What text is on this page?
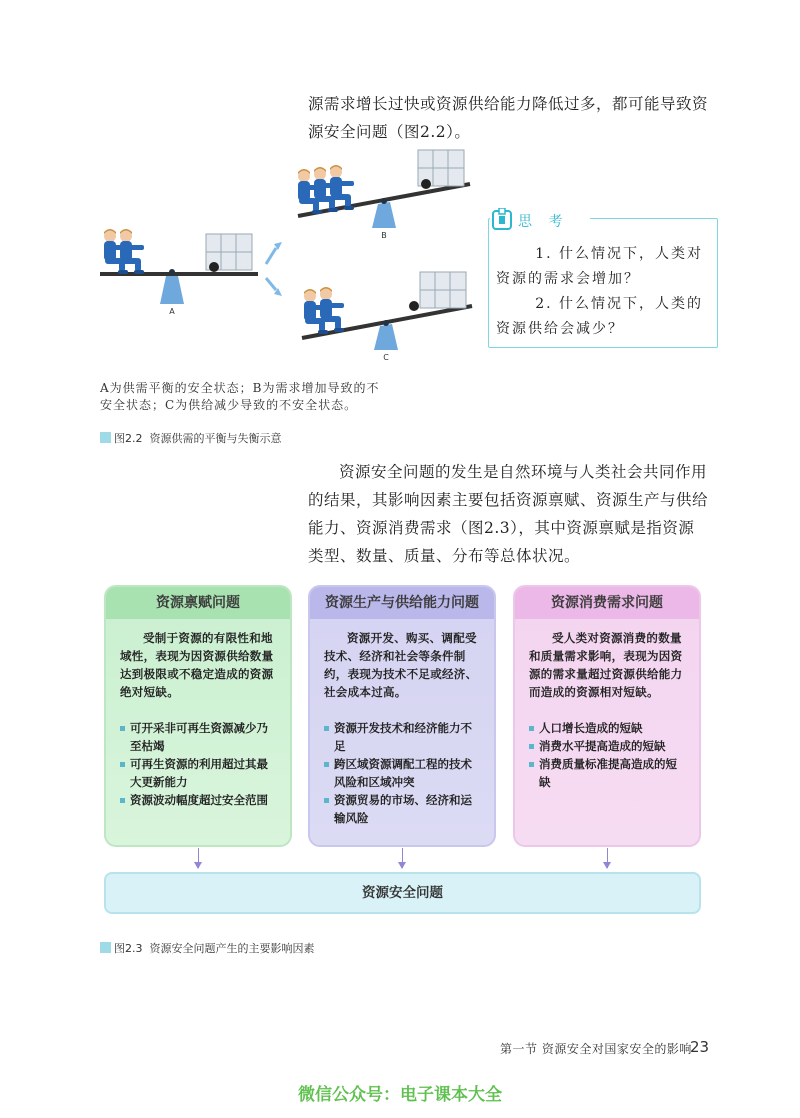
源需求增长过快或资源供给能力降低过多，都可能导致资源安全问题（图2.2）。
A
B
C
思 考
1. 什么情况下，人类对资源的需求会增加？
2. 什么情况下，人类的资源供给会减少？
A为供需平衡的安全状态；B为需求增加导致的不安全状态；C为供给减少导致的不安全状态。
图2.2 资源供需的平衡与失衡示意
资源安全问题的发生是自然环境与人类社会共同作用的结果，其影响因素主要包括资源禀赋、资源生产与供给能力、资源消费需求（图2.3），其中资源禀赋是指资源类型、数量、质量、分布等总体状况。
资源禀赋问题
受制于资源的有限性和地域性，表现为因资源供给数量达到极限或不稳定造成的资源绝对短缺。
可开采非可再生资源减少乃至枯竭
可再生资源的利用超过其最大更新能力
资源波动幅度超过安全范围
资源生产与供给能力问题
资源开发、购买、调配受技术、经济和社会等条件制约，表现为技术不足或经济、社会成本过高。
资源开发技术和经济能力不足
跨区域资源调配工程的技术风险和区域冲突
资源贸易的市场、经济和运输风险
资源消费需求问题
受人类对资源消费的数量和质量需求影响，表现为因资源的需求量超过资源供给能力而造成的资源相对短缺。
人口增长造成的短缺
消费水平提高造成的短缺
消费质量标准提高造成的短缺
资源安全问题
图2.3 资源安全问题产生的主要影响因素
第一节 资源安全对国家安全的影响
23
微信公众号：电子课本大全
